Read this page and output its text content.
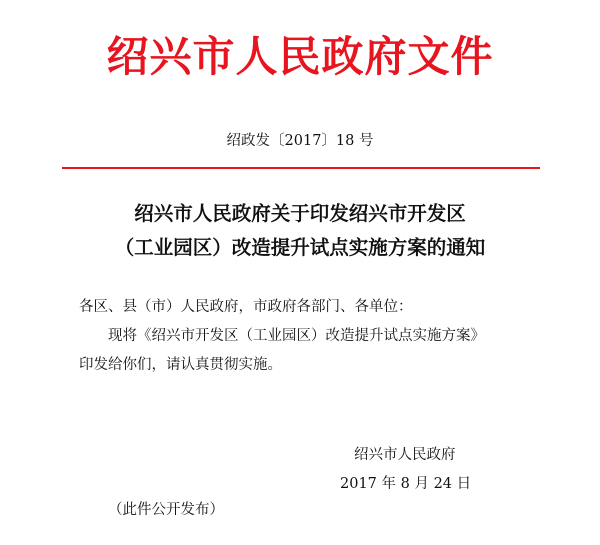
绍兴市人民政府文件
绍政发〔2017〕18 号
绍兴市人民政府关于印发绍兴市开发区
（工业园区）改造提升试点实施方案的通知

各区、县（市）人民政府，市政府各部门、各单位：

现将《绍兴市开发区（工业园区）改造提升试点实施方案》

印发给你们，请认真贯彻实施。

绍兴市人民政府
2017 年 8 月 24 日
（此件公开发布）
